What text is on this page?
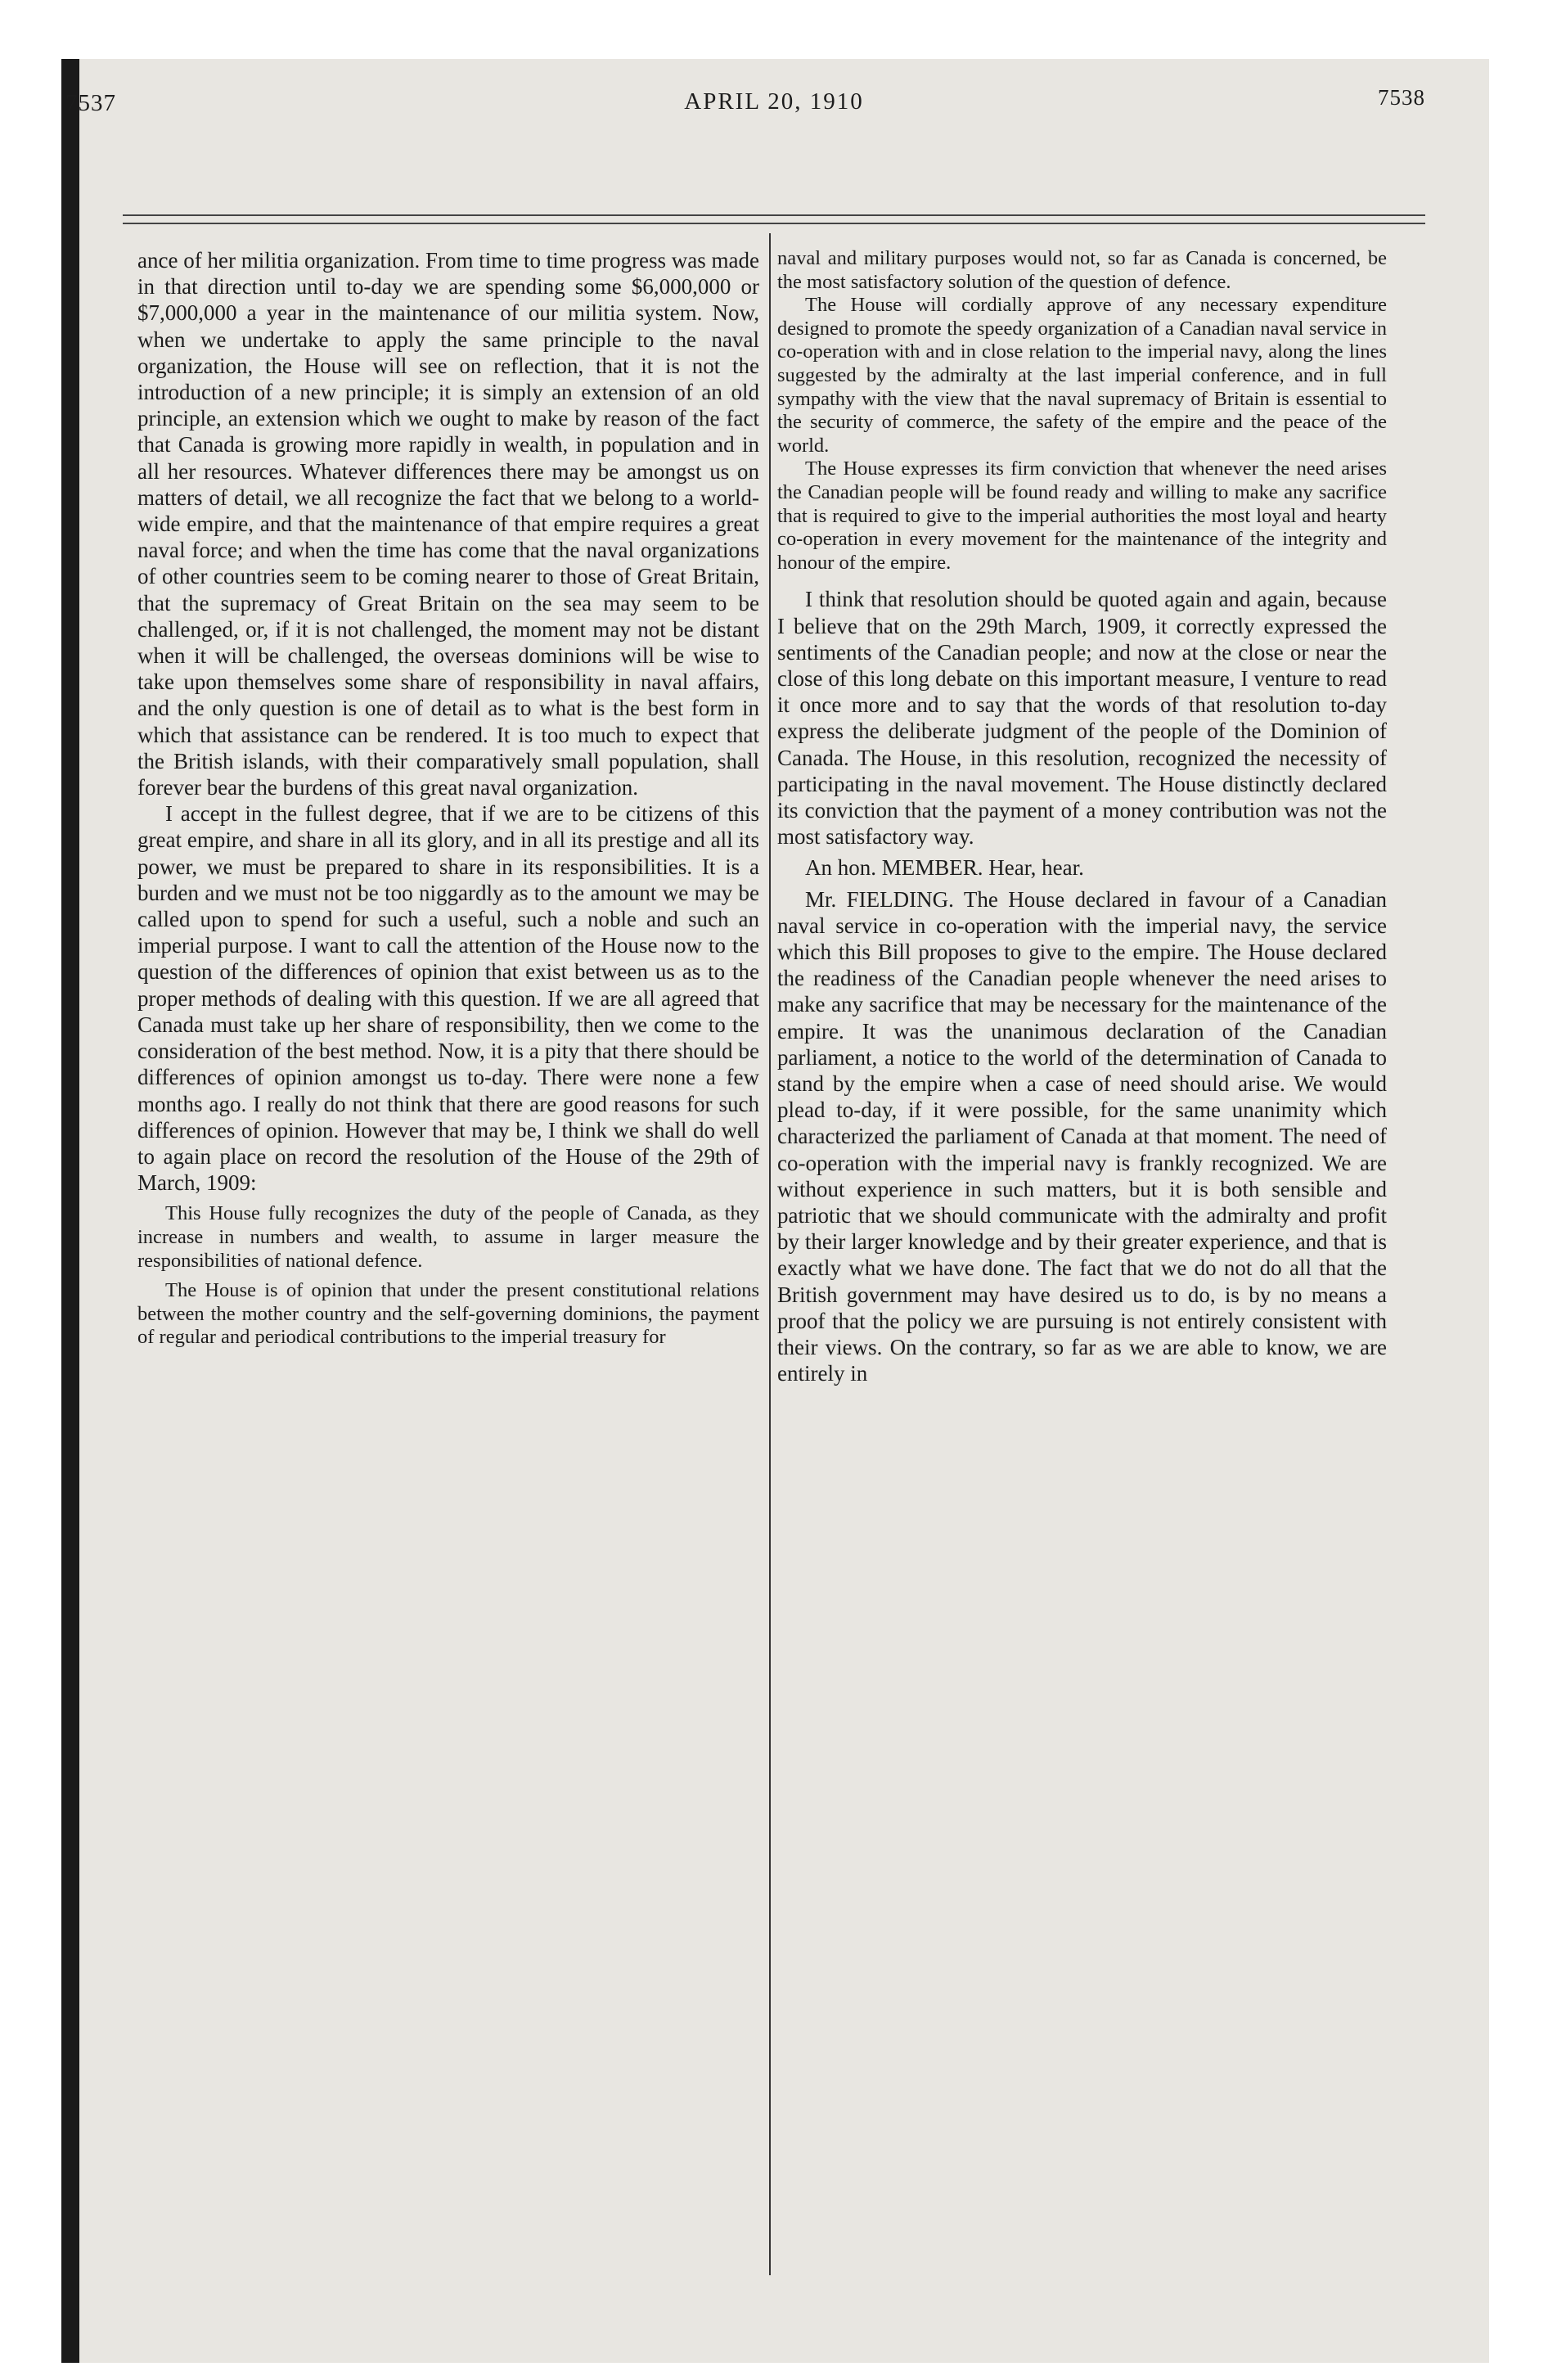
7537	APRIL 20, 1910	7538

ance of her militia organization. From time to time progress was made in that direction until to-day we are spending some $6,000,000 or $7,000,000 a year in the maintenance of our militia system. Now, when we undertake to apply the same principle to the naval organization, the House will see on reflection, that it is not the introduction of a new principle; it is simply an extension of an old principle, an extension which we ought to make by reason of the fact that Canada is growing more rapidly in wealth, in population and in all her resources. Whatever differences there may be amongst us on matters of detail, we all recognize the fact that we belong to a world-wide empire, and that the maintenance of that empire requires a great naval force; and when the time has come that the naval organizations of other countries seem to be coming nearer to those of Great Britain, that the supremacy of Great Britain on the sea may seem to be challenged, or, if it is not challenged, the moment may not be distant when it will be challenged, the overseas dominions will be wise to take upon themselves some share of responsibility in naval affairs, and the only question is one of detail as to what is the best form in which that assistance can be rendered. It is too much to expect that the British islands, with their comparatively small population, shall forever bear the burdens of this great naval organization.

I accept in the fullest degree, that if we are to be citizens of this great empire, and share in all its glory, and in all its prestige and all its power, we must be prepared to share in its responsibilities. It is a burden and we must not be too niggardly as to the amount we may be called upon to spend for such a useful, such a noble and such an imperial purpose. I want to call the attention of the House now to the question of the differences of opinion that exist between us as to the proper methods of dealing with this question. If we are all agreed that Canada must take up her share of responsibility, then we come to the consideration of the best method. Now, it is a pity that there should be differences of opinion amongst us to-day. There were none a few months ago. I really do not think that there are good reasons for such differences of opinion. However that may be, I think we shall do well to again place on record the resolution of the House of the 29th of March, 1909:

This House fully recognizes the duty of the people of Canada, as they increase in numbers and wealth, to assume in larger measure the responsibilities of national defence.

The House is of opinion that under the present constitutional relations between the mother country and the self-governing dominions, the payment of regular and periodical contributions to the imperial treasury for

naval and military purposes would not, so far as Canada is concerned, be the most satisfactory solution of the question of defence.

The House will cordially approve of any necessary expenditure designed to promote the speedy organization of a Canadian naval service in co-operation with and in close relation to the imperial navy, along the lines suggested by the admiralty at the last imperial conference, and in full sympathy with the view that the naval supremacy of Britain is essential to the security of commerce, the safety of the empire and the peace of the world.

The House expresses its firm conviction that whenever the need arises the Canadian people will be found ready and willing to make any sacrifice that is required to give to the imperial authorities the most loyal and hearty co-operation in every movement for the maintenance of the integrity and honour of the empire.

I think that resolution should be quoted again and again, because I believe that on the 29th March, 1909, it correctly expressed the sentiments of the Canadian people; and now at the close or near the close of this long debate on this important measure, I venture to read it once more and to say that the words of that resolution to-day express the deliberate judgment of the people of the Dominion of Canada. The House, in this resolution, recognized the necessity of participating in the naval movement. The House distinctly declared its conviction that the payment of a money contribution was not the most satisfactory way.

An hon. MEMBER. Hear, hear.

Mr. FIELDING. The House declared in favour of a Canadian naval service in co-operation with the imperial navy, the service which this Bill proposes to give to the empire. The House declared the readiness of the Canadian people whenever the need arises to make any sacrifice that may be necessary for the maintenance of the empire. It was the unanimous declaration of the Canadian parliament, a notice to the world of the determination of Canada to stand by the empire when a case of need should arise. We would plead to-day, if it were possible, for the same unanimity which characterized the parliament of Canada at that moment. The need of co-operation with the imperial navy is frankly recognized. We are without experience in such matters, but it is both sensible and patriotic that we should communicate with the admiralty and profit by their larger knowledge and by their greater experience, and that is exactly what we have done. The fact that we do not do all that the British government may have desired us to do, is by no means a proof that the policy we are pursuing is not entirely consistent with their views. On the contrary, so far as we are able to know, we are entirely in
